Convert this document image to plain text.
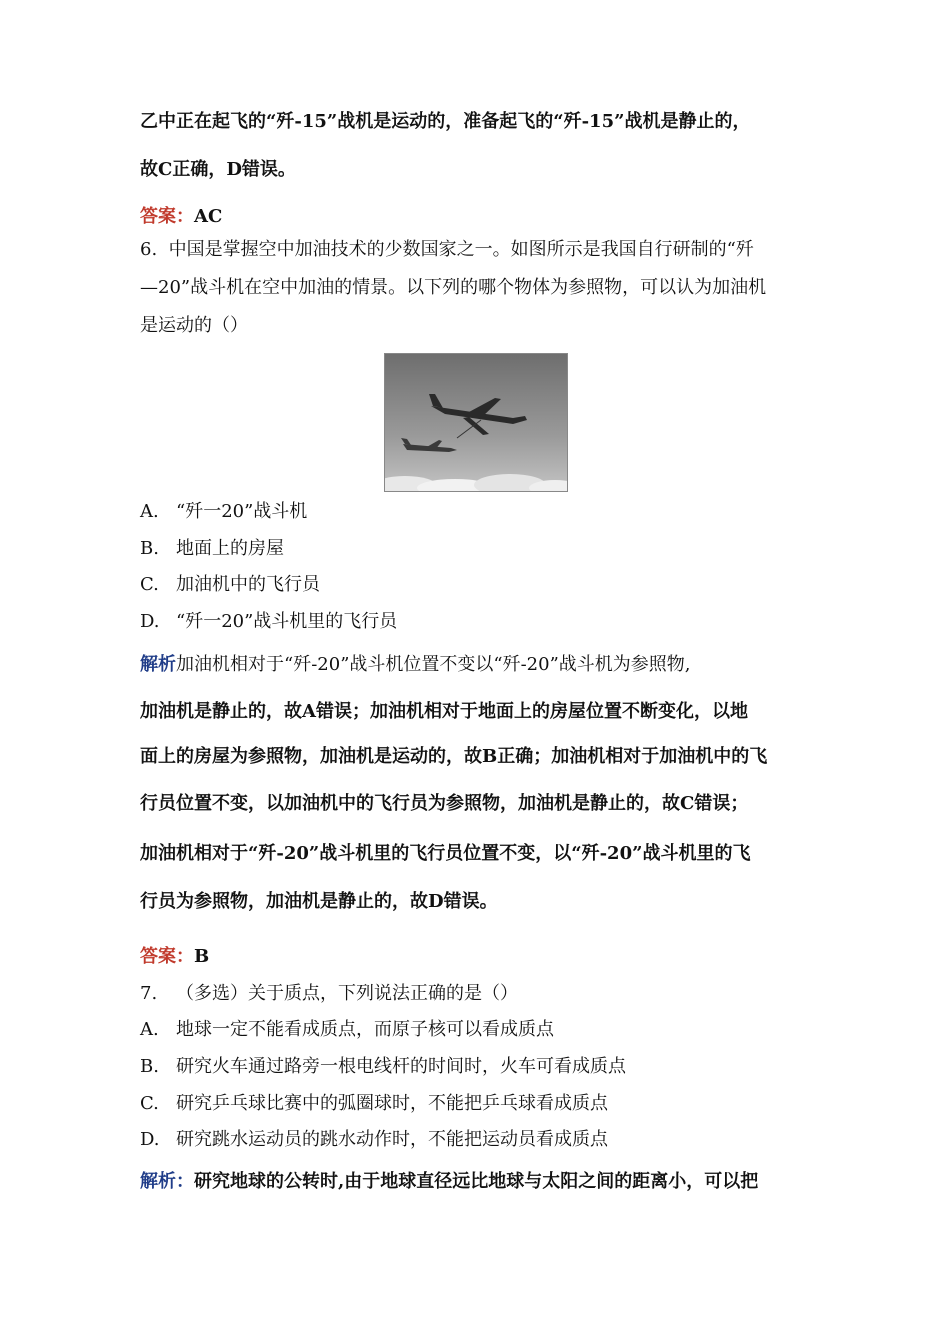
乙中正在起飞的“歼-15”战机是运动的，准备起飞的“歼-15”战机是静止的，
故C正确，D错误。
答案：AC
6. 中国是掌握空中加油技术的少数国家之一。如图所示是我国自行研制的“歼
—20”战斗机在空中加油的情景。以下列的哪个物体为参照物，可以认为加油机
是运动的（）
A. “歼一20”战斗机
B. 地面上的房屋
C. 加油机中的飞行员
D. “歼一20”战斗机里的飞行员
解析加油机相对于“歼-20”战斗机位置不变以“歼-20”战斗机为参照物,
加油机是静止的，故A错误；加油机相对于地面上的房屋位置不断变化，以地
面上的房屋为参照物，加油机是运动的，故B正确；加油机相对于加油机中的飞
行员位置不变，以加油机中的飞行员为参照物，加油机是静止的，故C错误；
加油机相对于“歼-20”战斗机里的飞行员位置不变，以“歼-20”战斗机里的飞
行员为参照物，加油机是静止的，故D错误。
答案：B
7. （多选）关于质点，下列说法正确的是（）
A. 地球一定不能看成质点，而原子核可以看成质点
B. 研究火车通过路旁一根电线杆的时间时，火车可看成质点
C. 研究乒乓球比赛中的弧圈球时，不能把乒乓球看成质点
D. 研究跳水运动员的跳水动作时，不能把运动员看成质点
解析：研究地球的公转时,由于地球直径远比地球与太阳之间的距离小，可以把
